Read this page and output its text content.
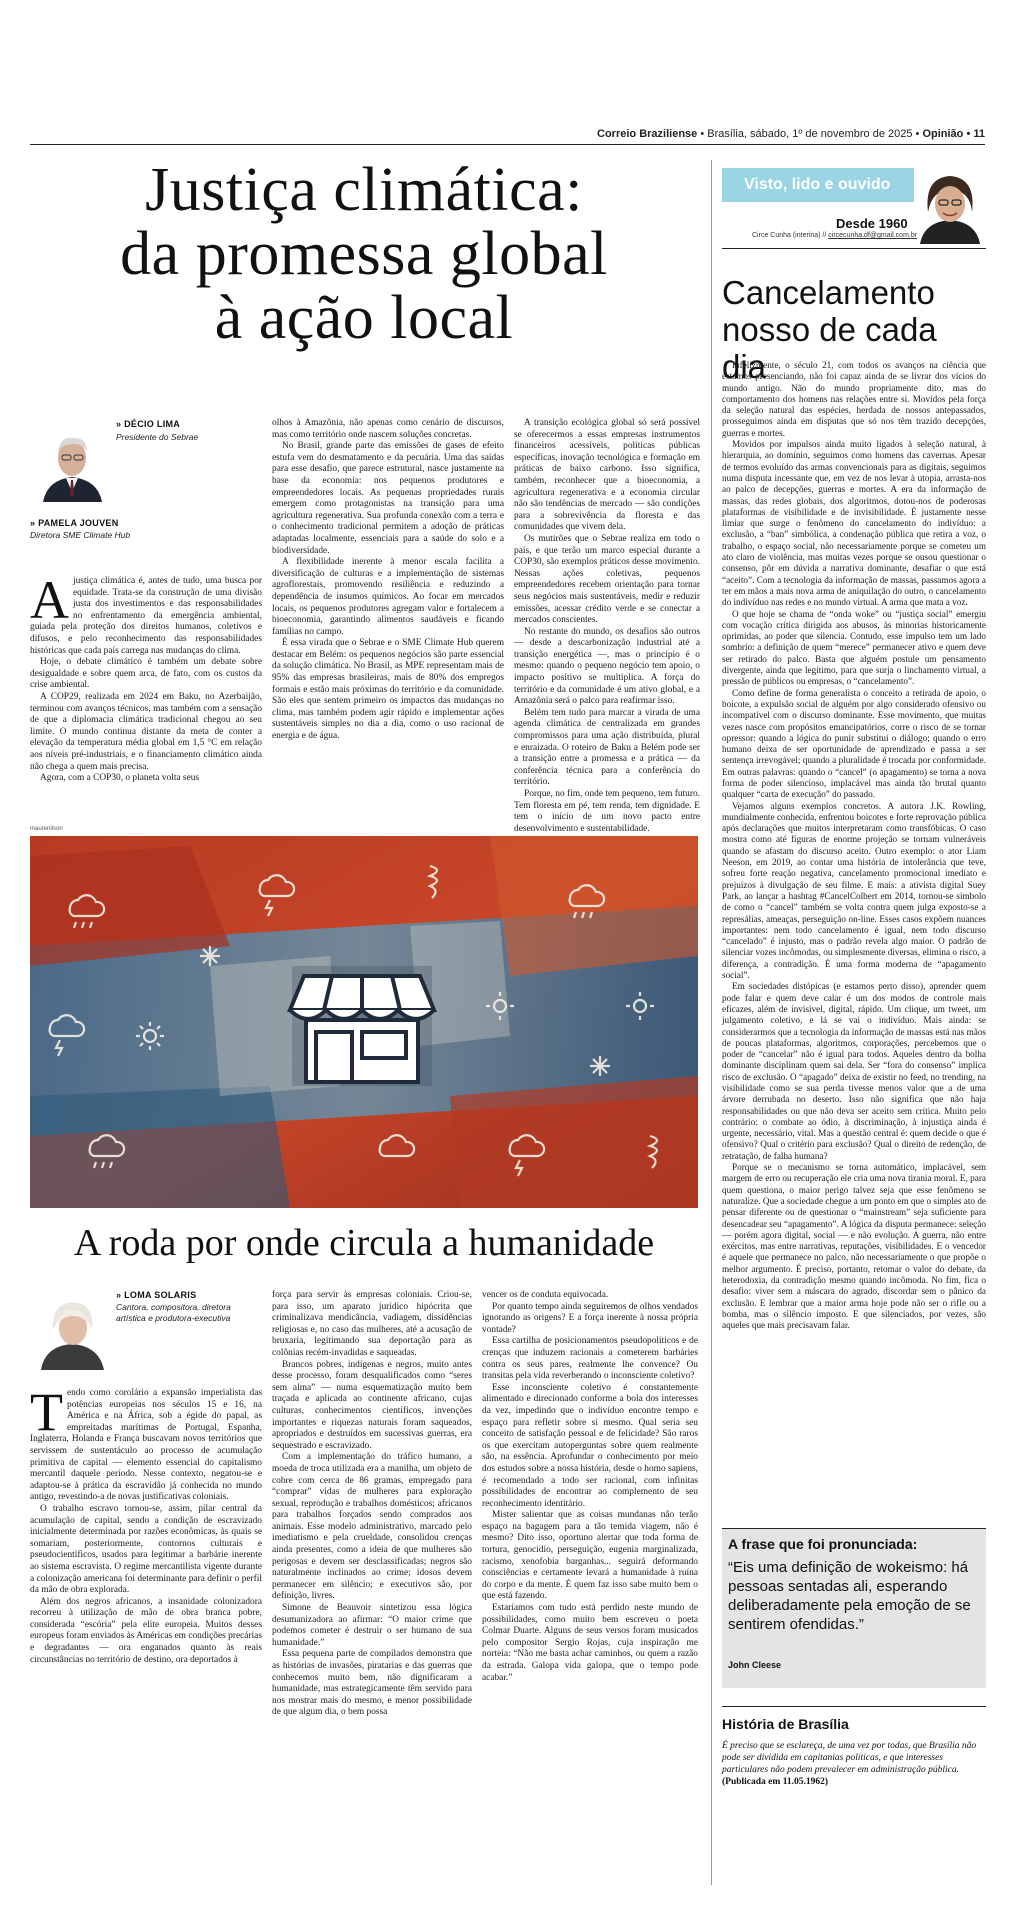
Correio Braziliense • Brasília, sábado, 1º de novembro de 2025 • Opinião • 11
Justiça climática:
da promessa global
à ação local
» DÉCIO LIMA
Presidente do Sebrae
» PAMELA JOUVEN
Diretora SME Climate Hub
A justiça climática é, antes de tudo, uma busca por equidade. Trata-se da construção de uma divisão justa dos investimentos e das responsabilidades no enfrentamento da emergência ambiental, guiada pela proteção dos direitos humanos, coletivos e difusos, e pelo reconhecimento das responsabilidades históricas que cada país carrega nas mudanças do clima.

Hoje, o debate climático é também um debate sobre desigualdade e sobre quem arca, de fato, com os custos da crise ambiental.

A COP29, realizada em 2024 em Baku, no Azerbaijão, terminou com avanços técnicos, mas também com a sensação de que a diplomacia climática tradicional chegou ao seu limite. O mundo continua distante da meta de conter a elevação da temperatura média global em 1,5 °C em relação aos níveis pré-industriais, e o financiamento climático ainda não chega a quem mais precisa.

Agora, com a COP30, o planeta volta seus

olhos à Amazônia, não apenas como cenário de discursos, mas como território onde nascem soluções concretas.

No Brasil, grande parte das emissões de gases de efeito estufa vem do desmatamento e da pecuária. Uma das saídas para esse desafio, que parece estrutural, nasce justamente na base da economia: nos pequenos produtores e empreendedores locais. As pequenas propriedades rurais emergem como protagonistas na transição para uma agricultura regenerativa. Sua profunda conexão com a terra e o conhecimento tradicional permitem a adoção de práticas adaptadas localmente, essenciais para a saúde do solo e a biodiversidade.

A flexibilidade inerente à menor escala facilita a diversificação de culturas e a implementação de sistemas agroflorestais, promovendo resiliência e reduzindo a dependência de insumos químicos. Ao focar em mercados locais, os pequenos produtores agregam valor e fortalecem a bioeconomia, garantindo alimentos saudáveis e ficando famílias no campo.

É essa virada que o Sebrae e o SME Climate Hub querem destacar em Belém: os pequenos negócios são parte essencial da solução climática. No Brasil, as MPE representam mais de 95% das empresas brasileiras, mais de 80% dos empregos formais e estão mais próximas do território e da comunidade. São eles que sentem primeiro os impactos das mudanças no clima, mas também podem agir rápido e implementar ações sustentáveis simples no dia a dia, como o uso racional de energia e de água.

A transição ecológica global só será possível se oferecermos a essas empresas instrumentos financeiros acessíveis, políticas públicas específicas, inovação tecnológica e formação em práticas de baixo carbono. Isso significa, também, reconhecer que a bioeconomia, a agricultura regenerativa e a economia circular não são tendências de mercado — são condições para a sobrevivência da floresta e das comunidades que vivem dela.

Os mutirões que o Sebrae realiza em todo o país, e que terão um marco especial durante a COP30, são exemplos práticos desse movimento. Nessas ações coletivas, pequenos empreendedores recebem orientação para tornar seus negócios mais sustentáveis, medir e reduzir emissões, acessar crédito verde e se conectar a mercados conscientes.

No restante do mundo, os desafios são outros — desde a descarbonização industrial até a transição energética —, mas o princípio é o mesmo: quando o pequeno negócio tem apoio, o impacto positivo se multiplica. A força do território e da comunidade é um ativo global, e a Amazônia será o palco para reafirmar isso.

Belém tem tudo para marcar a virada de uma agenda climática de centralizada em grandes compromissos para uma ação distribuída, plural e enraizada. O roteiro de Baku a Belém pode ser a transição entre a promessa e a prática — da conferência técnica para a conferência do território.

Porque, no fim, onde tem pequeno, tem futuro. Tem floresta em pé, tem renda, tem dignidade. E tem o início de um novo pacto entre desenvolvimento e sustentabilidade.

maurenilson
A roda por onde circula a humanidade
» LOMA SOLARIS
Cantora, compositora, diretora artística e produtora-executiva
T endo como corolário a expansão imperialista das potências europeias nos séculos 15 e 16, na América e na África, sob a égide do papal, as empreitadas marítimas de Portugal, Espanha, Inglaterra, Holanda e França buscavam novos territórios que servissem de sustentáculo ao processo de acumulação primitiva de capital — elemento essencial do capitalismo mercantil daquele período. Nesse contexto, negatou-se e adaptou-se à prática da escravidão já conhecida no mundo antigo, revestindo-a de novas justificativas coloniais.

O trabalho escravo tornou-se, assim, pilar central da acumulação de capital, sendo a condição de escravizado inicialmente determinada por razões econômicas, às quais se somariam, posteriormente, contornos culturais e pseudocientíficos, usados para legitimar a barbárie inerente ao sistema escravista. O regime mercantilista vigente durante a colonização americana foi determinante para definir o perfil da mão de obra explorada.

Além dos negros africanos, a insanidade colonizadora recorreu à utilização de mão de obra branca pobre, considerada “escória” pela elite europeia. Muitos desses europeus foram enviados às Américas em condições precárias e degradantes — ora enganados quanto às reais circunstâncias no território de destino, ora deportados à

força para servir às empresas coloniais. Criou-se, para isso, um aparato jurídico hipócrita que criminalizava mendicância, vadiagem, dissidências religiosas e, no caso das mulheres, até a acusação de bruxaria, legitimando sua deportação para as colônias recém-invadidas e saqueadas.

Brancos pobres, indígenas e negros, muito antes desse processo, foram desqualificados como “seres sem alma” — numa esquematização muito bem traçada e aplicada ao continente africano, cujas culturas, conhecimentos científicos, invenções importantes e riquezas naturais foram saqueados, apropriados e destruídos em sucessivas guerras, era sequestrado e escravizado.

Com a implementação do tráfico humano, a moeda de troca utilizada era a manilha, um objeto de cobre com cerca de 86 gramas, empregado para “comprar” vidas de mulheres para exploração sexual, reprodução e trabalhos domésticos; africanos para trabalhos forçados sendo comprados aos animais. Esse modelo administrativo, marcado pelo imediatismo e pela crueldade, consolidou crenças ainda presentes, como a ideia de que mulheres são perigosas e devem ser desclassificadas; negros são naturalmente inclinados ao crime; idosos devem permanecer em silêncio; e executivos são, por definição, livres.

Simone de Beauvoir sintetizou essa lógica desumanizadora ao afirmar: “O maior crime que podemos cometer é destruir o ser humano de sua humanidade.”

Essa pequena parte de compilados demonstra que as histórias de invasões, piratarias e das guerras que conhecemos muito bem, não dignificaram a humanidade, mas estrategicamente têm servido para nos mostrar mais do mesmo, e menor possibilidade de que algum dia, o bem possa

vencer os de conduta equivocada.

Por quanto tempo ainda seguiremos de olhos vendados ignorando as origens? E a força inerente à nossa própria vontade?

Essa cartilha de posicionamentos pseudopolíticos e de crenças que induzem racionais a cometerem barbáries contra os seus pares, realmente lhe convence? Ou transitas pela vida reverberando o inconsciente coletivo?

Esse inconsciente coletivo é constantemente alimentado e direcionado conforme a bola dos interesses da vez, impedindo que o indivíduo encontre tempo e espaço para refletir sobre si mesmo. Qual seria seu conceito de satisfação pessoal e de felicidade? São raros os que exercitam autoperguntas sobre quem realmente são, na essência. Aprofundar o conhecimento por meio dos estudos sobre a nossa história, desde o homo sapiens, é recomendado a todo ser racional, com infinitas possibilidades de encontrar ao complemento de seu reconhecimento identitário.

Mister salientar que as coisas mundanas não terão espaço na bagagem para a tão temida viagem, não é mesmo? Dito isso, oportuno alertar que toda forma de tortura, genocídio, perseguição, eugenia marginalizada, racismo, xenofobia barganhas... seguirá deformando consciências e certamente levará a humanidade à ruína do corpo e da mente. É quem faz isso sabe muito bem o que está fazendo.

Estaríamos com tudo está perdido neste mundo de possibilidades, como muito bem escreveu o poeta Colmar Duarte. Alguns de seus versos foram musicados pelo compositor Sergio Rojas, cuja inspiração me norteia: “Não me basta achar caminhos, ou quem a razão da estrada. Galopa vida galopa, que o tempo pode acabar.”

Visto, lido e ouvido
Desde 1960
Circe Cunha (interina) // circecunha.df@gmail.com.br
Cancelamento
nosso de cada dia

Infelizmente, o século 21, com todos os avanços na ciência que estamos presenciando, não foi capaz ainda de se livrar dos vícios do mundo antigo. Não do mundo propriamente dito, mas do comportamento dos homens nas relações entre si. Movidos pela força da seleção natural das espécies, herdada de nossos antepassados, prosseguimos ainda em disputas que só nos têm trazido decepções, guerras e mortes.

Movidos por impulsos ainda muito ligados à seleção natural, à hierarquia, ao domínio, seguimos como homens das cavernas. Apesar de termos evoluído das armas convencionais para as digitais, seguimos numa disputa incessante que, em vez de nos levar à utopia, arrasta-nos ao palco de decepções, guerras e mortes. A era da informação de massas, das redes globais, dos algoritmos, dotou-nos de poderosas plataformas de visibilidade e de invisibilidade. É justamente nesse limiar que surge o fenômeno do cancelamento do indivíduo: a exclusão, a “ban” simbólica, a condenação pública que retira a voz, o trabalho, o espaço social, não necessariamente porque se cometeu um ato claro de violência, mas muitas vezes porque se ousou questionar o consenso, pôr em dúvida a narrativa dominante, desafiar o que está “aceito”. Com a tecnologia da informação de massas, passamos agora a ter em mãos a mais nova arma de aniquilação do outro, o cancelamento do indivíduo nas redes e no mundo virtual. A arma que mata a voz.

O que hoje se chama de “onda woke” ou “justiça social” emergiu com vocação crítica dirigida aos abusos, às minorias historicamente oprimidas, ao poder que silencia. Contudo, esse impulso tem um lado sombrio: a definição de quem “merece” permanecer ativo e quem deve ser retirado do palco. Basta que alguém postule um pensamento divergente, ainda que legítimo, para que surja o linchamento virtual, a pressão de públicos ou empresas, o “cancelamento”.

Como define de forma generalista o conceito a retirada de apoio, o boicote, a expulsão social de alguém por algo considerado ofensivo ou incompatível com o discurso dominante. Esse movimento, que muitas vezes nasce com propósitos emancipatórios, corre o risco de se tornar opressor: quando a lógica do punir substitui o diálogo; quando o erro humano deixa de ser oportunidade de aprendizado e passa a ser sentença irrevogável; quando a pluralidade é trocada por conformidade. Em outras palavras: quando o “cancel” (o apagamento) se torna a nova forma de poder silencioso, implacável mas ainda tão brutal quanto qualquer “carta de execução” do passado.

Vejamos alguns exemplos concretos. A autora J.K. Rowling, mundialmente conhecida, enfrentou boicotes e forte reprovação pública após declarações que muitos interpretaram como transfóbicas. O caso mostra como até figuras de enorme projeção se tornam vulneráveis quando se afastam do discurso aceito. Outro exemplo: o ator Liam Neeson, em 2019, ao contar uma história de intolerância que teve, sofreu forte reação negativa, cancelamento promocional imediato e prejuízos à divulgação de seu filme. E mais: a ativista digital Suey Park, ao lançar a hashtag #CancelColbert em 2014, tornou-se símbolo de como o “cancel” também se volta contra quem julga exposto-se a represálias, ameaças, perseguição on-line. Esses casos expõem nuances importantes: nem todo cancelamento é igual, nem todo discurso “cancelado” é injusto, mas o padrão revela algo maior. O padrão de silenciar vozes incômodas, ou simplesmente diversas, elimina o risco, a diferença, a contradição. É uma forma moderna de “apagamento social”.

Em sociedades distópicas (e estamos perto disso), aprender quem pode falar e quem deve calar é um dos modos de controle mais eficazes, além de invisível, digital, rápido. Um clique, um tweet, um julgamento coletivo, e lá se vai o indivíduo. Mais ainda: se considerarmos que a tecnologia da informação de massas está nas mãos de poucas plataformas, algoritmos, corporações, percebemos que o poder de “cancelar” não é igual para todos. Aqueles dentro da bolha dominante disciplinam quem sai dela. Ser “fora do consenso” implica risco de exclusão. O “apagado” deixa de existir no feed, no trending, na visibilidade como se sua perda tivesse menos valor que a de uma árvore derrubada no deserto. Isso não significa que não haja responsabilidades ou que não deva ser aceito sem crítica. Muito pelo contrário: o combate ao ódio, à discriminação, à injustiça ainda é urgente, necessário, vital. Mas a questão central é: quem decide o que é ofensivo? Qual o critério para exclusão? Qual o direito de redenção, de retratação, de falha humana?

Porque se o mecanismo se torna automático, implacável, sem margem de erro ou recuperação ele cria uma nova tirania moral. E, para quem questiona, o maior perigo talvez seja que esse fenômeno se naturalize. Que a sociedade chegue a um ponto em que o simples ato de pensar diferente ou de questionar o “mainstream” seja suficiente para desencadear seu “apagamento”. A lógica da disputa permanece: seleção — porém agora digital, social — e não evolução. A guerra, não entre exércitos, mas entre narrativas, reputações, visibilidades. E o vencedor é aquele que permanece no palco, não necessariamente o que propõe o melhor argumento. É preciso, portanto, retomar o valor do debate, da heterodoxia, da contradição mesmo quando incômoda. No fim, fica o desafio: viver sem a máscara do agrado, discordar sem o pânico da exclusão. E lembrar que a maior arma hoje pode não ser o rifle ou a bomba, mas o silêncio imposto. E que silenciados, por vezes, são aqueles que mais precisavam falar.

A frase que foi pronunciada:
“Eis uma definição de wokeismo: há pessoas sentadas ali, esperando deliberadamente pela emoção de se sentirem ofendidas.”
John Cleese
História de Brasília
É preciso que se esclareça, de uma vez por todas, que Brasília não pode ser dividida em capitanias políticas, e que interesses particulares não podem prevalecer em administração pública. (Publicada em 11.05.1962)
